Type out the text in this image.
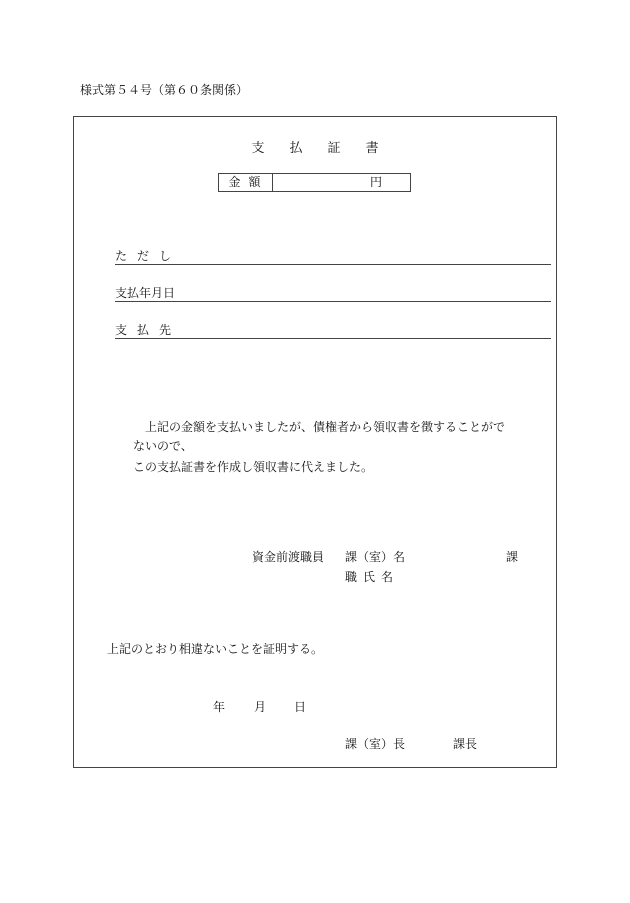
様式第５４号（第６０条関係）
支 払 証 書
金額	円
ただし
支払年月日
支払先
上記の金額を支払いましたが、債権者から領収書を徴することがで
ないので、
この支払証書を作成し領収書に代えました。
資金前渡職員 課（室）名	課
職氏名
上記のとおり相違ないことを証明する。
年 月 日
課（室）長	課長
